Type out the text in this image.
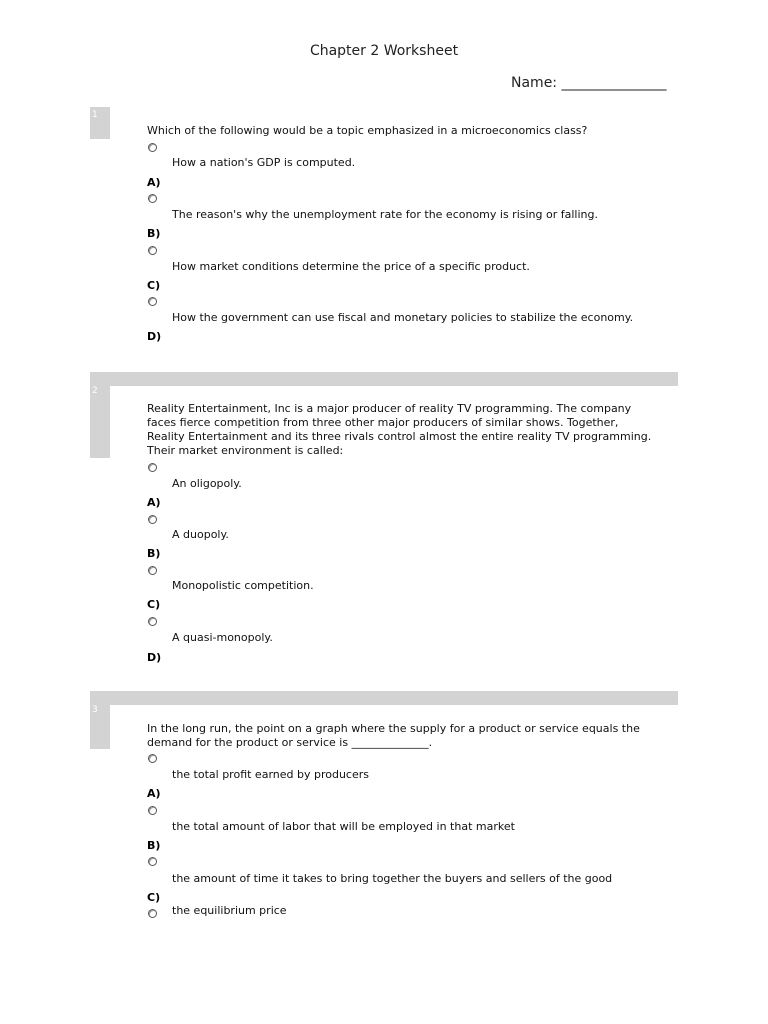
Chapter 2 Worksheet
Name: _______________
1
Which of the following would be a topic emphasized in a microeconomics class?
How a nation's GDP is computed.
A)
The reason's why the unemployment rate for the economy is rising or falling.
B)
How market conditions determine the price of a specific product.
C)
How the government can use fiscal and monetary policies to stabilize the economy.
D)
2
Reality Entertainment, Inc is a major producer of reality TV programming. The company
faces fierce competition from three other major producers of similar shows. Together,
Reality Entertainment and its three rivals control almost the entire reality TV programming.
Their market environment is called:
An oligopoly.
A)
A duopoly.
B)
Monopolistic competition.
C)
A quasi-monopoly.
D)
3
In the long run, the point on a graph where the supply for a product or service equals the
demand for the product or service is ______________.
the total profit earned by producers
A)
the total amount of labor that will be employed in that market
B)
the amount of time it takes to bring together the buyers and sellers of the good
C)
the equilibrium price
